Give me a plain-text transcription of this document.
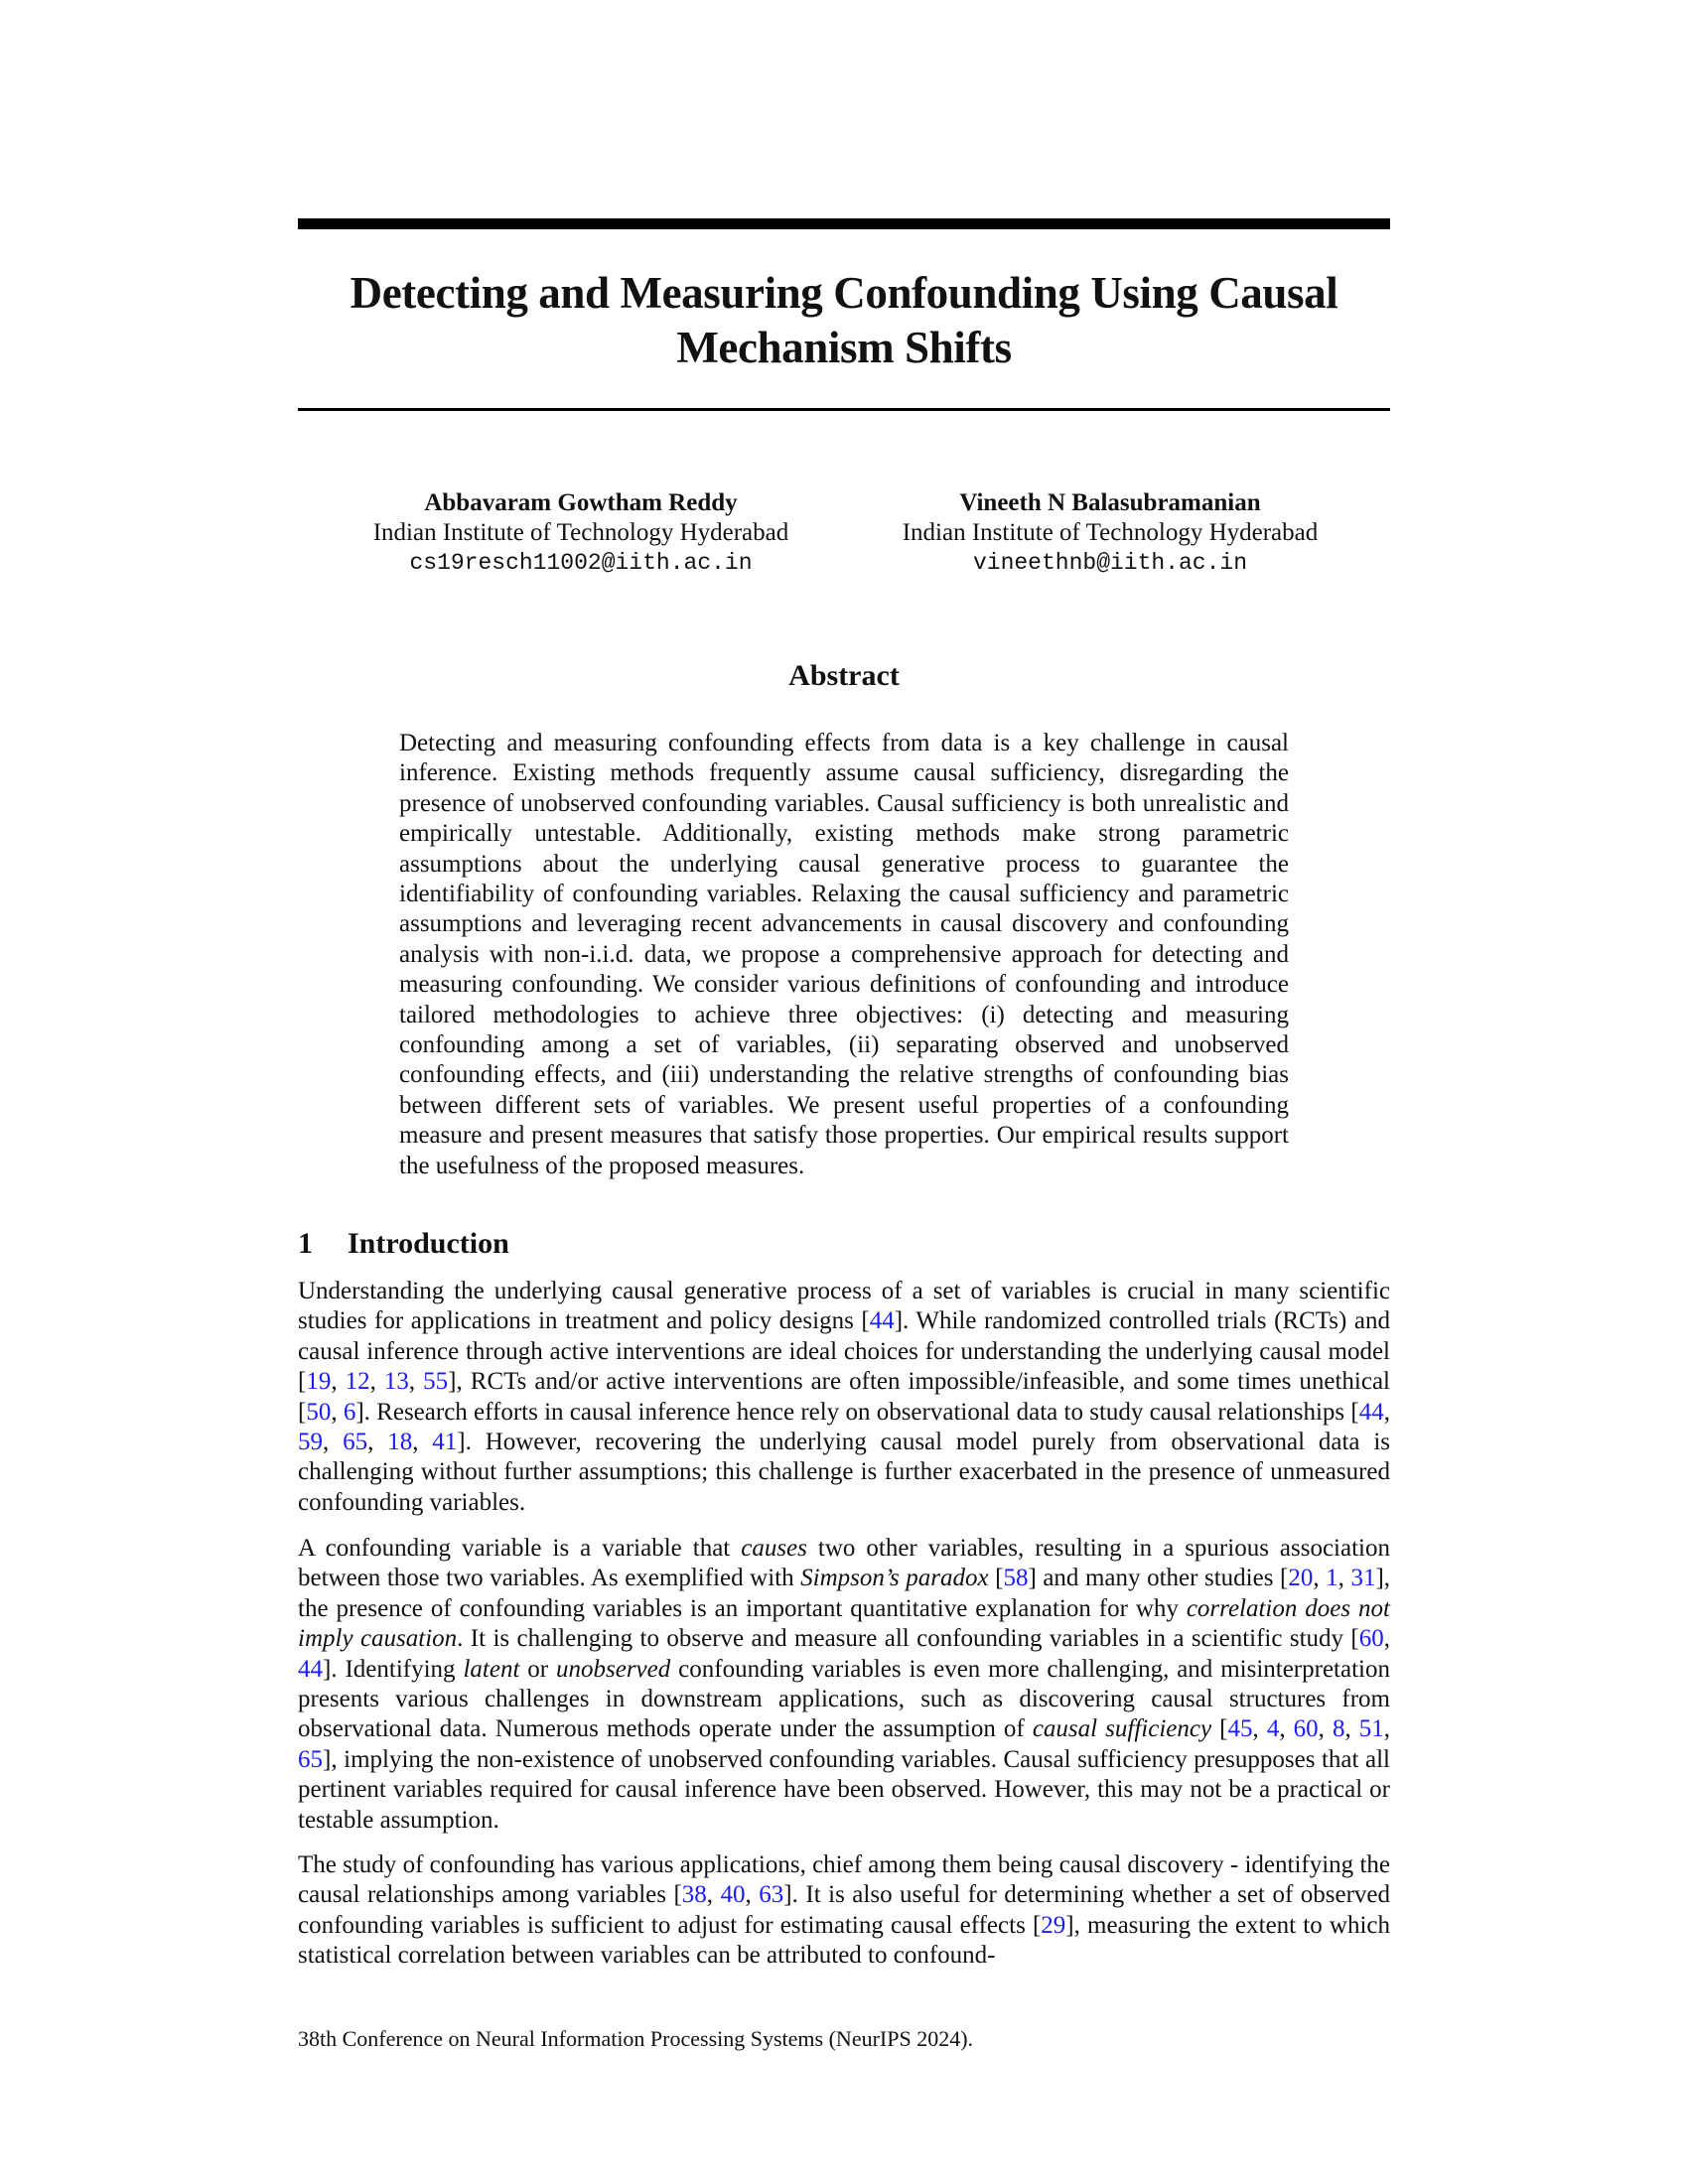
Detecting and Measuring Confounding Using Causal Mechanism Shifts
Abbavaram Gowtham Reddy
Indian Institute of Technology Hyderabad
cs19resch11002@iith.ac.in
Vineeth N Balasubramanian
Indian Institute of Technology Hyderabad
vineethnb@iith.ac.in
Abstract
Detecting and measuring confounding effects from data is a key challenge in causal inference. Existing methods frequently assume causal sufficiency, disregarding the presence of unobserved confounding variables. Causal sufficiency is both unrealistic and empirically untestable. Additionally, existing methods make strong parametric assumptions about the underlying causal generative process to guarantee the identifiability of confounding variables. Relaxing the causal sufficiency and parametric assumptions and leveraging recent advancements in causal discovery and confounding analysis with non-i.i.d. data, we propose a comprehensive approach for detecting and measuring confounding. We consider various definitions of confounding and introduce tailored methodologies to achieve three objectives: (i) detecting and measuring confounding among a set of variables, (ii) separating observed and unobserved confounding effects, and (iii) understanding the relative strengths of confounding bias between different sets of variables. We present useful properties of a confounding measure and present measures that satisfy those properties. Our empirical results support the usefulness of the proposed measures.
1 Introduction

Understanding the underlying causal generative process of a set of variables is crucial in many scientific studies for applications in treatment and policy designs [44]. While randomized controlled trials (RCTs) and causal inference through active interventions are ideal choices for understanding the underlying causal model [19, 12, 13, 55], RCTs and/or active interventions are often impossible/infeasible, and some times unethical [50, 6]. Research efforts in causal inference hence rely on observational data to study causal relationships [44, 59, 65, 18, 41]. However, recovering the underlying causal model purely from observational data is challenging without further assumptions; this challenge is further exacerbated in the presence of unmeasured confounding variables.

A confounding variable is a variable that causes two other variables, resulting in a spurious association between those two variables. As exemplified with Simpson’s paradox [58] and many other studies [20, 1, 31], the presence of confounding variables is an important quantitative explanation for why correlation does not imply causation. It is challenging to observe and measure all confounding variables in a scientific study [60, 44]. Identifying latent or unobserved confounding variables is even more challenging, and misinterpretation presents various challenges in downstream applications, such as discovering causal structures from observational data. Numerous methods operate under the assumption of causal sufficiency [45, 4, 60, 8, 51, 65], implying the non-existence of unobserved confounding variables. Causal sufficiency presupposes that all pertinent variables required for causal inference have been observed. However, this may not be a practical or testable assumption.

The study of confounding has various applications, chief among them being causal discovery - identifying the causal relationships among variables [38, 40, 63]. It is also useful for determining whether a set of observed confounding variables is sufficient to adjust for estimating causal effects [29], measuring the extent to which statistical correlation between variables can be attributed to confound-

38th Conference on Neural Information Processing Systems (NeurIPS 2024).
